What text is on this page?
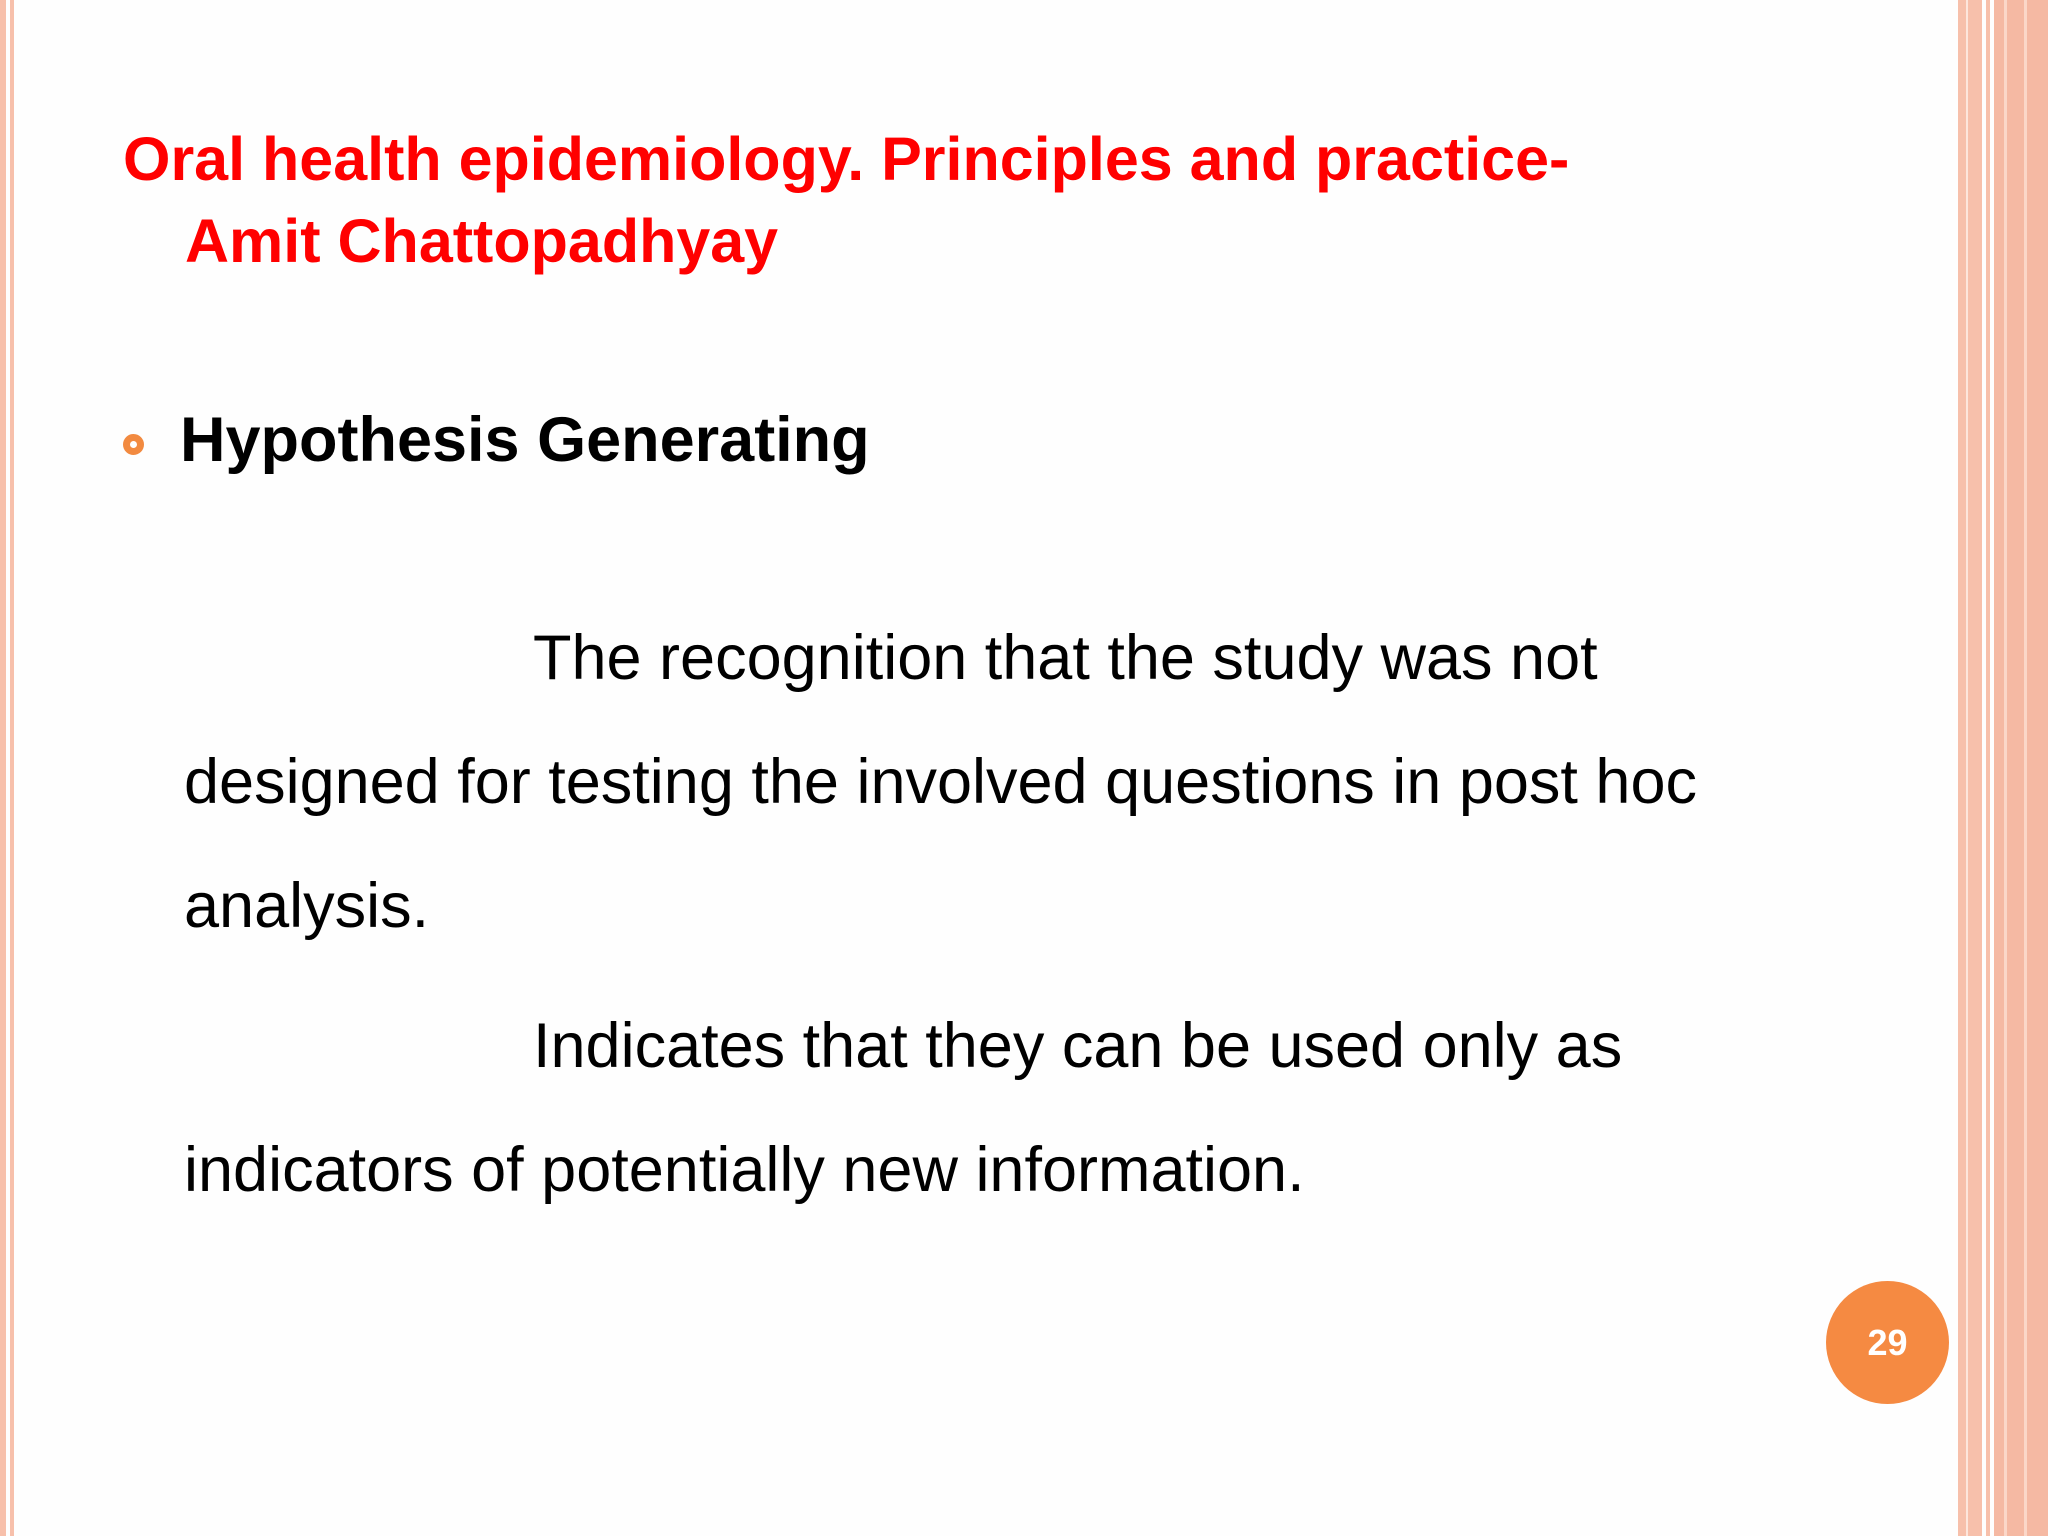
Oral health epidemiology. Principles and practice-
Amit Chattopadhyay
Hypothesis Generating
The recognition that the study was not
designed for testing the involved questions in post hoc
analysis.
Indicates that they can be used only as
indicators of potentially new information.
29
